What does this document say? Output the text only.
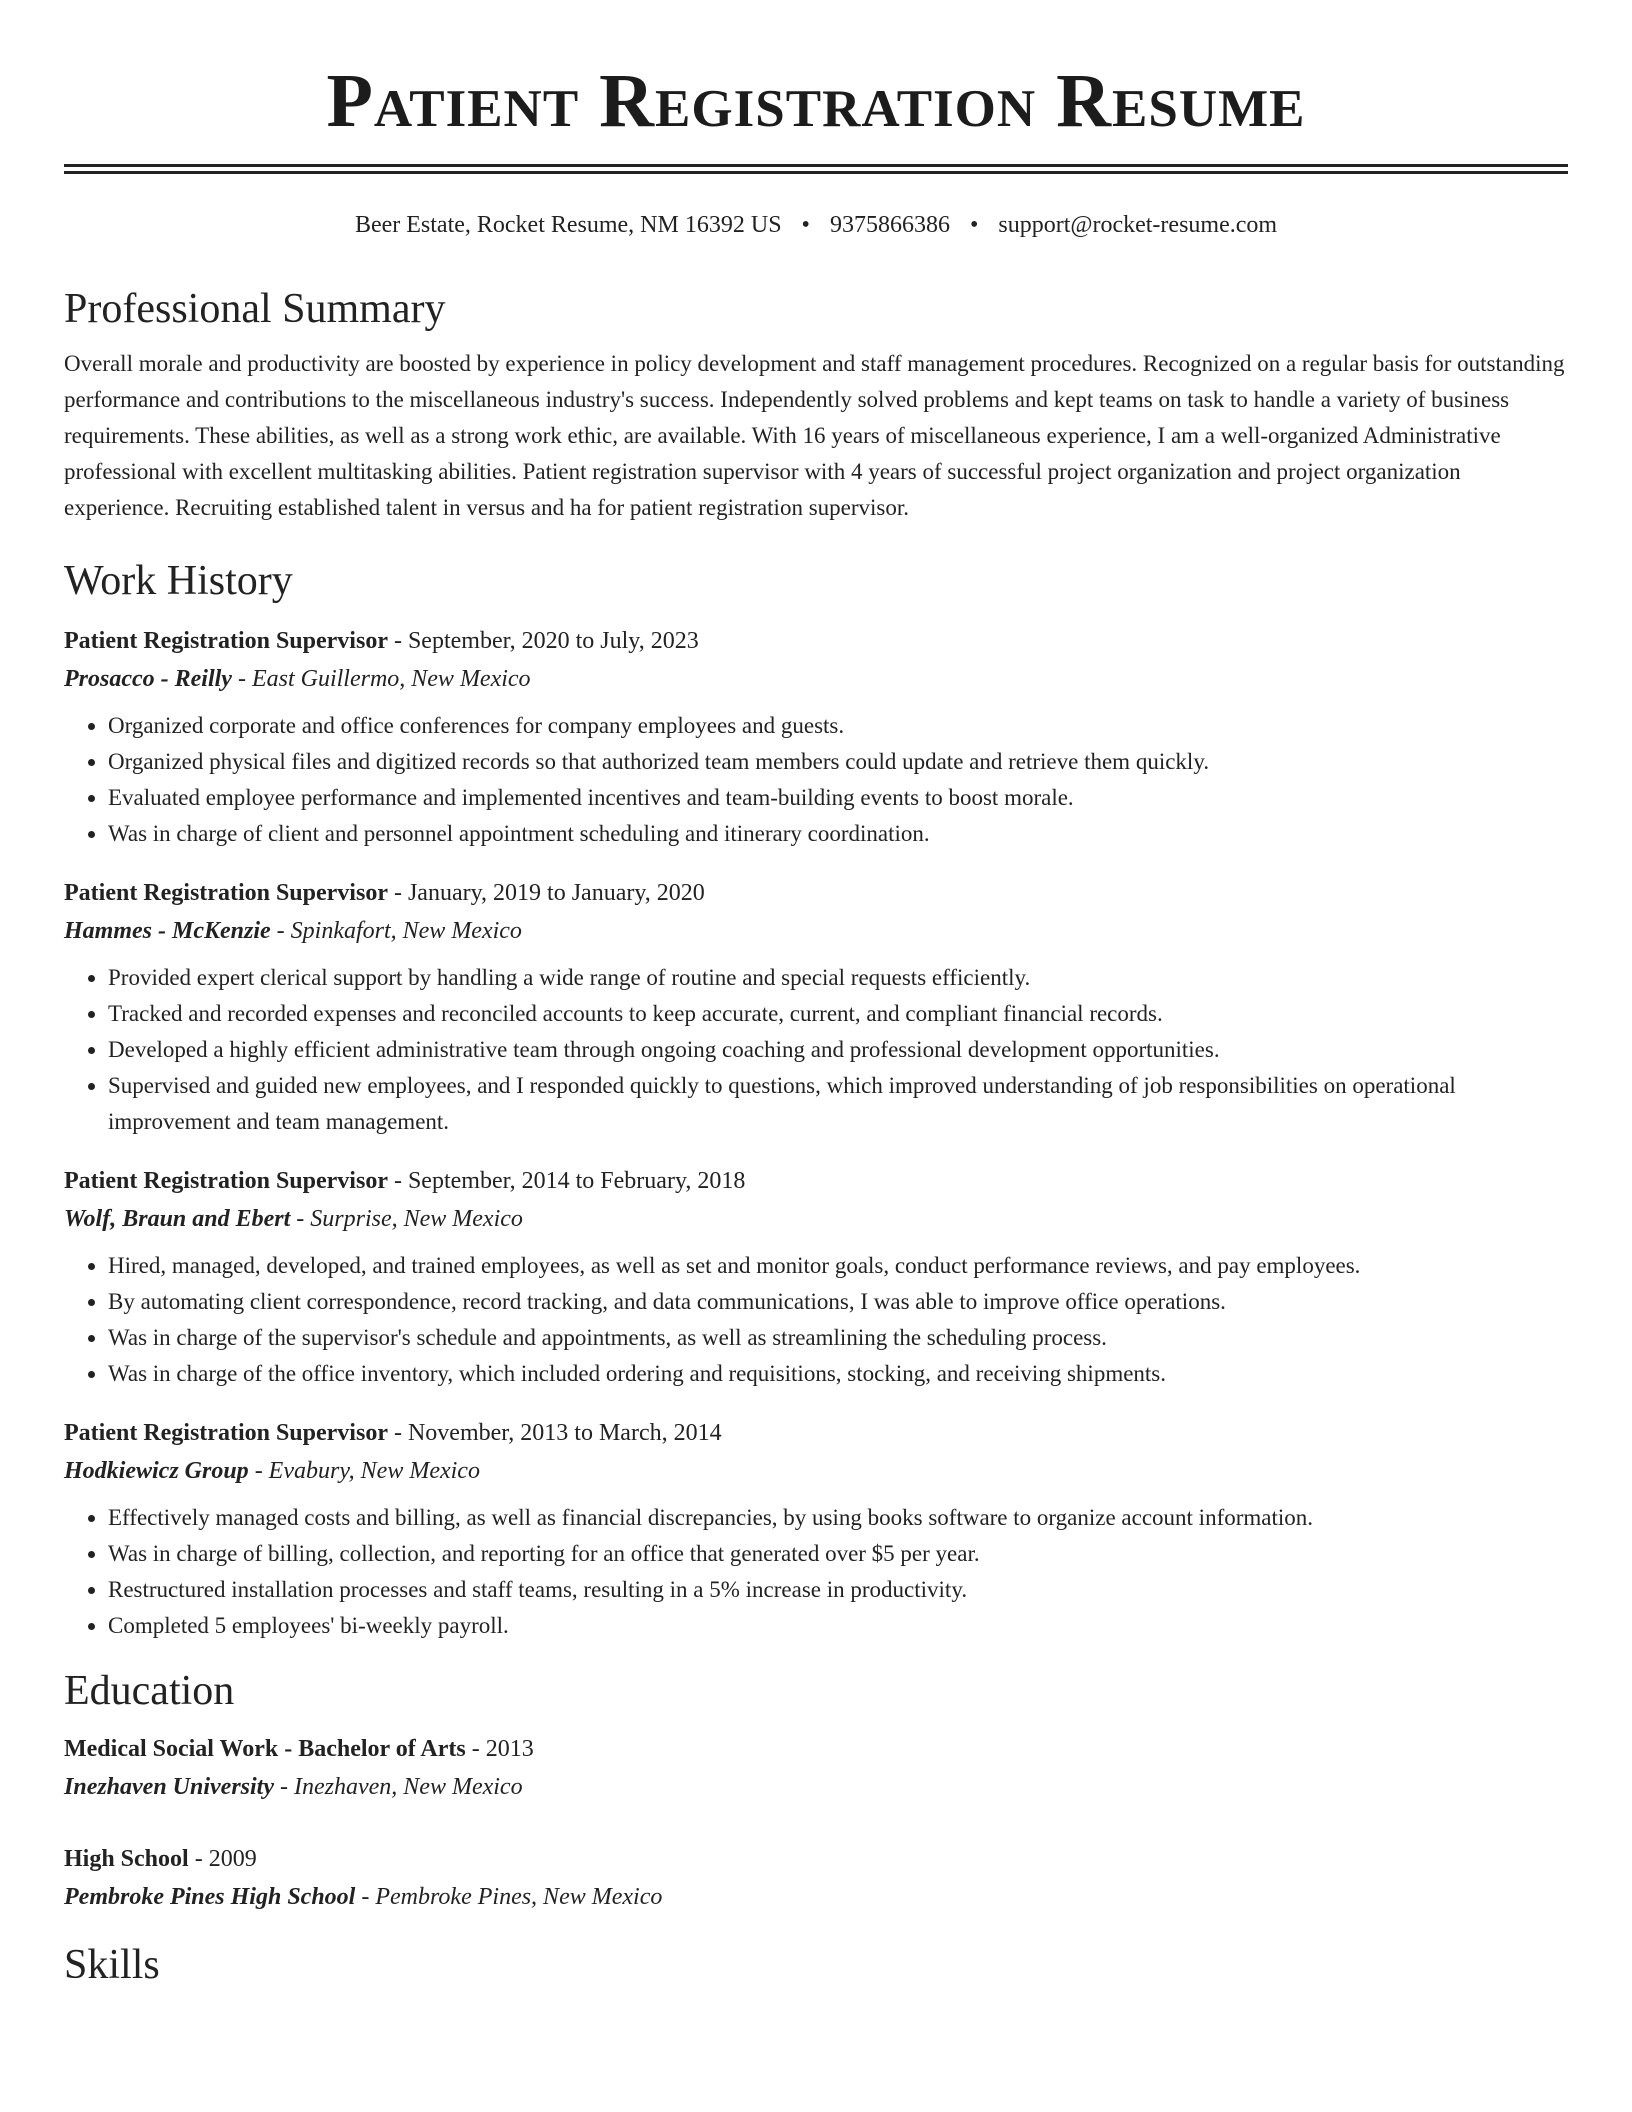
Patient Registration Resume
Beer Estate, Rocket Resume, NM 16392 US • 9375866386 • support@rocket-resume.com
Professional Summary
Overall morale and productivity are boosted by experience in policy development and staff management procedures. Recognized on a regular basis for outstanding performance and contributions to the miscellaneous industry's success. Independently solved problems and kept teams on task to handle a variety of business requirements. These abilities, as well as a strong work ethic, are available. With 16 years of miscellaneous experience, I am a well-organized Administrative professional with excellent multitasking abilities. Patient registration supervisor with 4 years of successful project organization and project organization experience. Recruiting established talent in versus and ha for patient registration supervisor.
Work History
Patient Registration Supervisor - September, 2020 to July, 2023
Prosacco - Reilly - East Guillermo, New Mexico
• Organized corporate and office conferences for company employees and guests.
• Organized physical files and digitized records so that authorized team members could update and retrieve them quickly.
• Evaluated employee performance and implemented incentives and team-building events to boost morale.
• Was in charge of client and personnel appointment scheduling and itinerary coordination.
Patient Registration Supervisor - January, 2019 to January, 2020
Hammes - McKenzie - Spinkafort, New Mexico
• Provided expert clerical support by handling a wide range of routine and special requests efficiently.
• Tracked and recorded expenses and reconciled accounts to keep accurate, current, and compliant financial records.
• Developed a highly efficient administrative team through ongoing coaching and professional development opportunities.
• Supervised and guided new employees, and I responded quickly to questions, which improved understanding of job responsibilities on operational improvement and team management.
Patient Registration Supervisor - September, 2014 to February, 2018
Wolf, Braun and Ebert - Surprise, New Mexico
• Hired, managed, developed, and trained employees, as well as set and monitor goals, conduct performance reviews, and pay employees.
• By automating client correspondence, record tracking, and data communications, I was able to improve office operations.
• Was in charge of the supervisor's schedule and appointments, as well as streamlining the scheduling process.
• Was in charge of the office inventory, which included ordering and requisitions, stocking, and receiving shipments.
Patient Registration Supervisor - November, 2013 to March, 2014
Hodkiewicz Group - Evabury, New Mexico
• Effectively managed costs and billing, as well as financial discrepancies, by using books software to organize account information.
• Was in charge of billing, collection, and reporting for an office that generated over $5 per year.
• Restructured installation processes and staff teams, resulting in a 5% increase in productivity.
• Completed 5 employees' bi-weekly payroll.
Education
Medical Social Work - Bachelor of Arts - 2013
Inezhaven University - Inezhaven, New Mexico
High School - 2009
Pembroke Pines High School - Pembroke Pines, New Mexico
Skills
